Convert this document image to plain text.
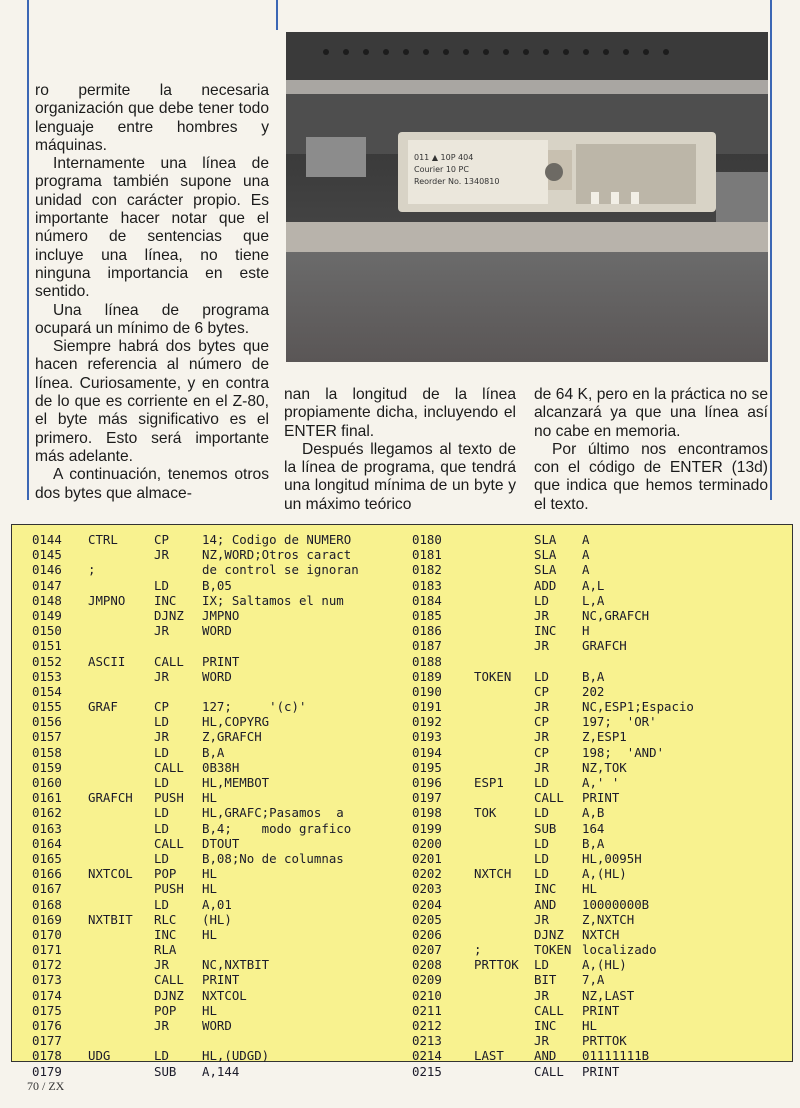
ro permite la necesaria organización que debe tener todo lenguaje entre hombres y máquinas.

Internamente una línea de programa también supone una unidad con carácter propio. Es importante hacer notar que el número de sentencias que incluye una línea, no tiene ninguna importancia en este sentido.

Una línea de programa ocupará un mínimo de 6 bytes.

Siempre habrá dos bytes que hacen referencia al número de línea. Curiosamente, y en contra de lo que es corriente en el Z-80, el byte más significativo es el primero. Esto será importante más adelante.

A continuación, tenemos otros dos bytes que almace-

011 ▲ 10P 404
Courier 10 PC
Reorder No. 1340810

nan la longitud de la línea propiamente dicha, incluyendo el ENTER final.

Después llegamos al texto de la línea de programa, que tendrá una longitud mínima de un byte y un máximo teórico

de 64 K, pero en la práctica no se alcanzará ya que una línea así no cabe en memoria.

Por último nos encontramos con el código de ENTER (13d) que indica que hemos terminado el texto.

0144 CTRL	CP	14; Codigo de NUMERO
0145	JR	NZ,WORD;Otros caract
0146 ;	de control se ignoran
0147	LD	B,05
0148 JMPNO INC IX; Saltamos el num
0149	DJNZ JMPNO
0150	JR	WORD
0151
0152 ASCII CALL PRINT
0153	JR	WORD
0154
0155 GRAF	CP	127;     '(c)'
0156	LD	HL,COPYRG
0157	JR	Z,GRAFCH
0158	LD	B,A
0159	CALL 0B38H
0160	LD	HL,MEMBOT
0161 GRAFCH PUSH HL
0162	LD	HL,GRAFC;Pasamos  a
0163	LD	B,4;    modo grafico
0164	CALL DTOUT
0165	LD	B,08;No de columnas
0166 NXTCOL POP HL
0167	PUSH HL
0168	LD	A,01
0169 NXTBIT RLC (HL)
0170	INC HL
0171	RLA
0172	JR	NC,NXTBIT
0173	CALL PRINT
0174	DJNZ NXTCOL
0175	POP HL
0176	JR	WORD
0177
0178 UDG	LD	HL,(UDGD)
0179	SUB A,144
0180	SLA A
0181	SLA A
0182	SLA A
0183	ADD A,L
0184	LD	L,A
0185	JR	NC,GRAFCH
0186	INC H
0187	JR	GRAFCH
0188
0189	TOKEN LD	B,A
0190	CP	202
0191	JR	NC,ESP1;Espacio
0192	CP	197;  'OR'
0193	JR	Z,ESP1
0194	CP	198;  'AND'
0195	JR	NZ,TOK
0196	ESP1 LD	A,' '
0197	CALL PRINT
0198	TOK	LD	A,B
0199	SUB 164
0200	LD	B,A
0201	LD	HL,0095H
0202	NXTCH LD	A,(HL)
0203	INC HL
0204	AND 10000000B
0205	JR	Z,NXTCH
0206	DJNZ NXTCH
0207	;	TOKEN localizado
0208	PRTTOK LD	A,(HL)
0209	BIT 7,A
0210	JR	NZ,LAST
0211	CALL PRINT
0212	INC HL
0213	JR	PRTTOK
0214	LAST AND 01111111B
0215	CALL PRINT
70 / ZX
